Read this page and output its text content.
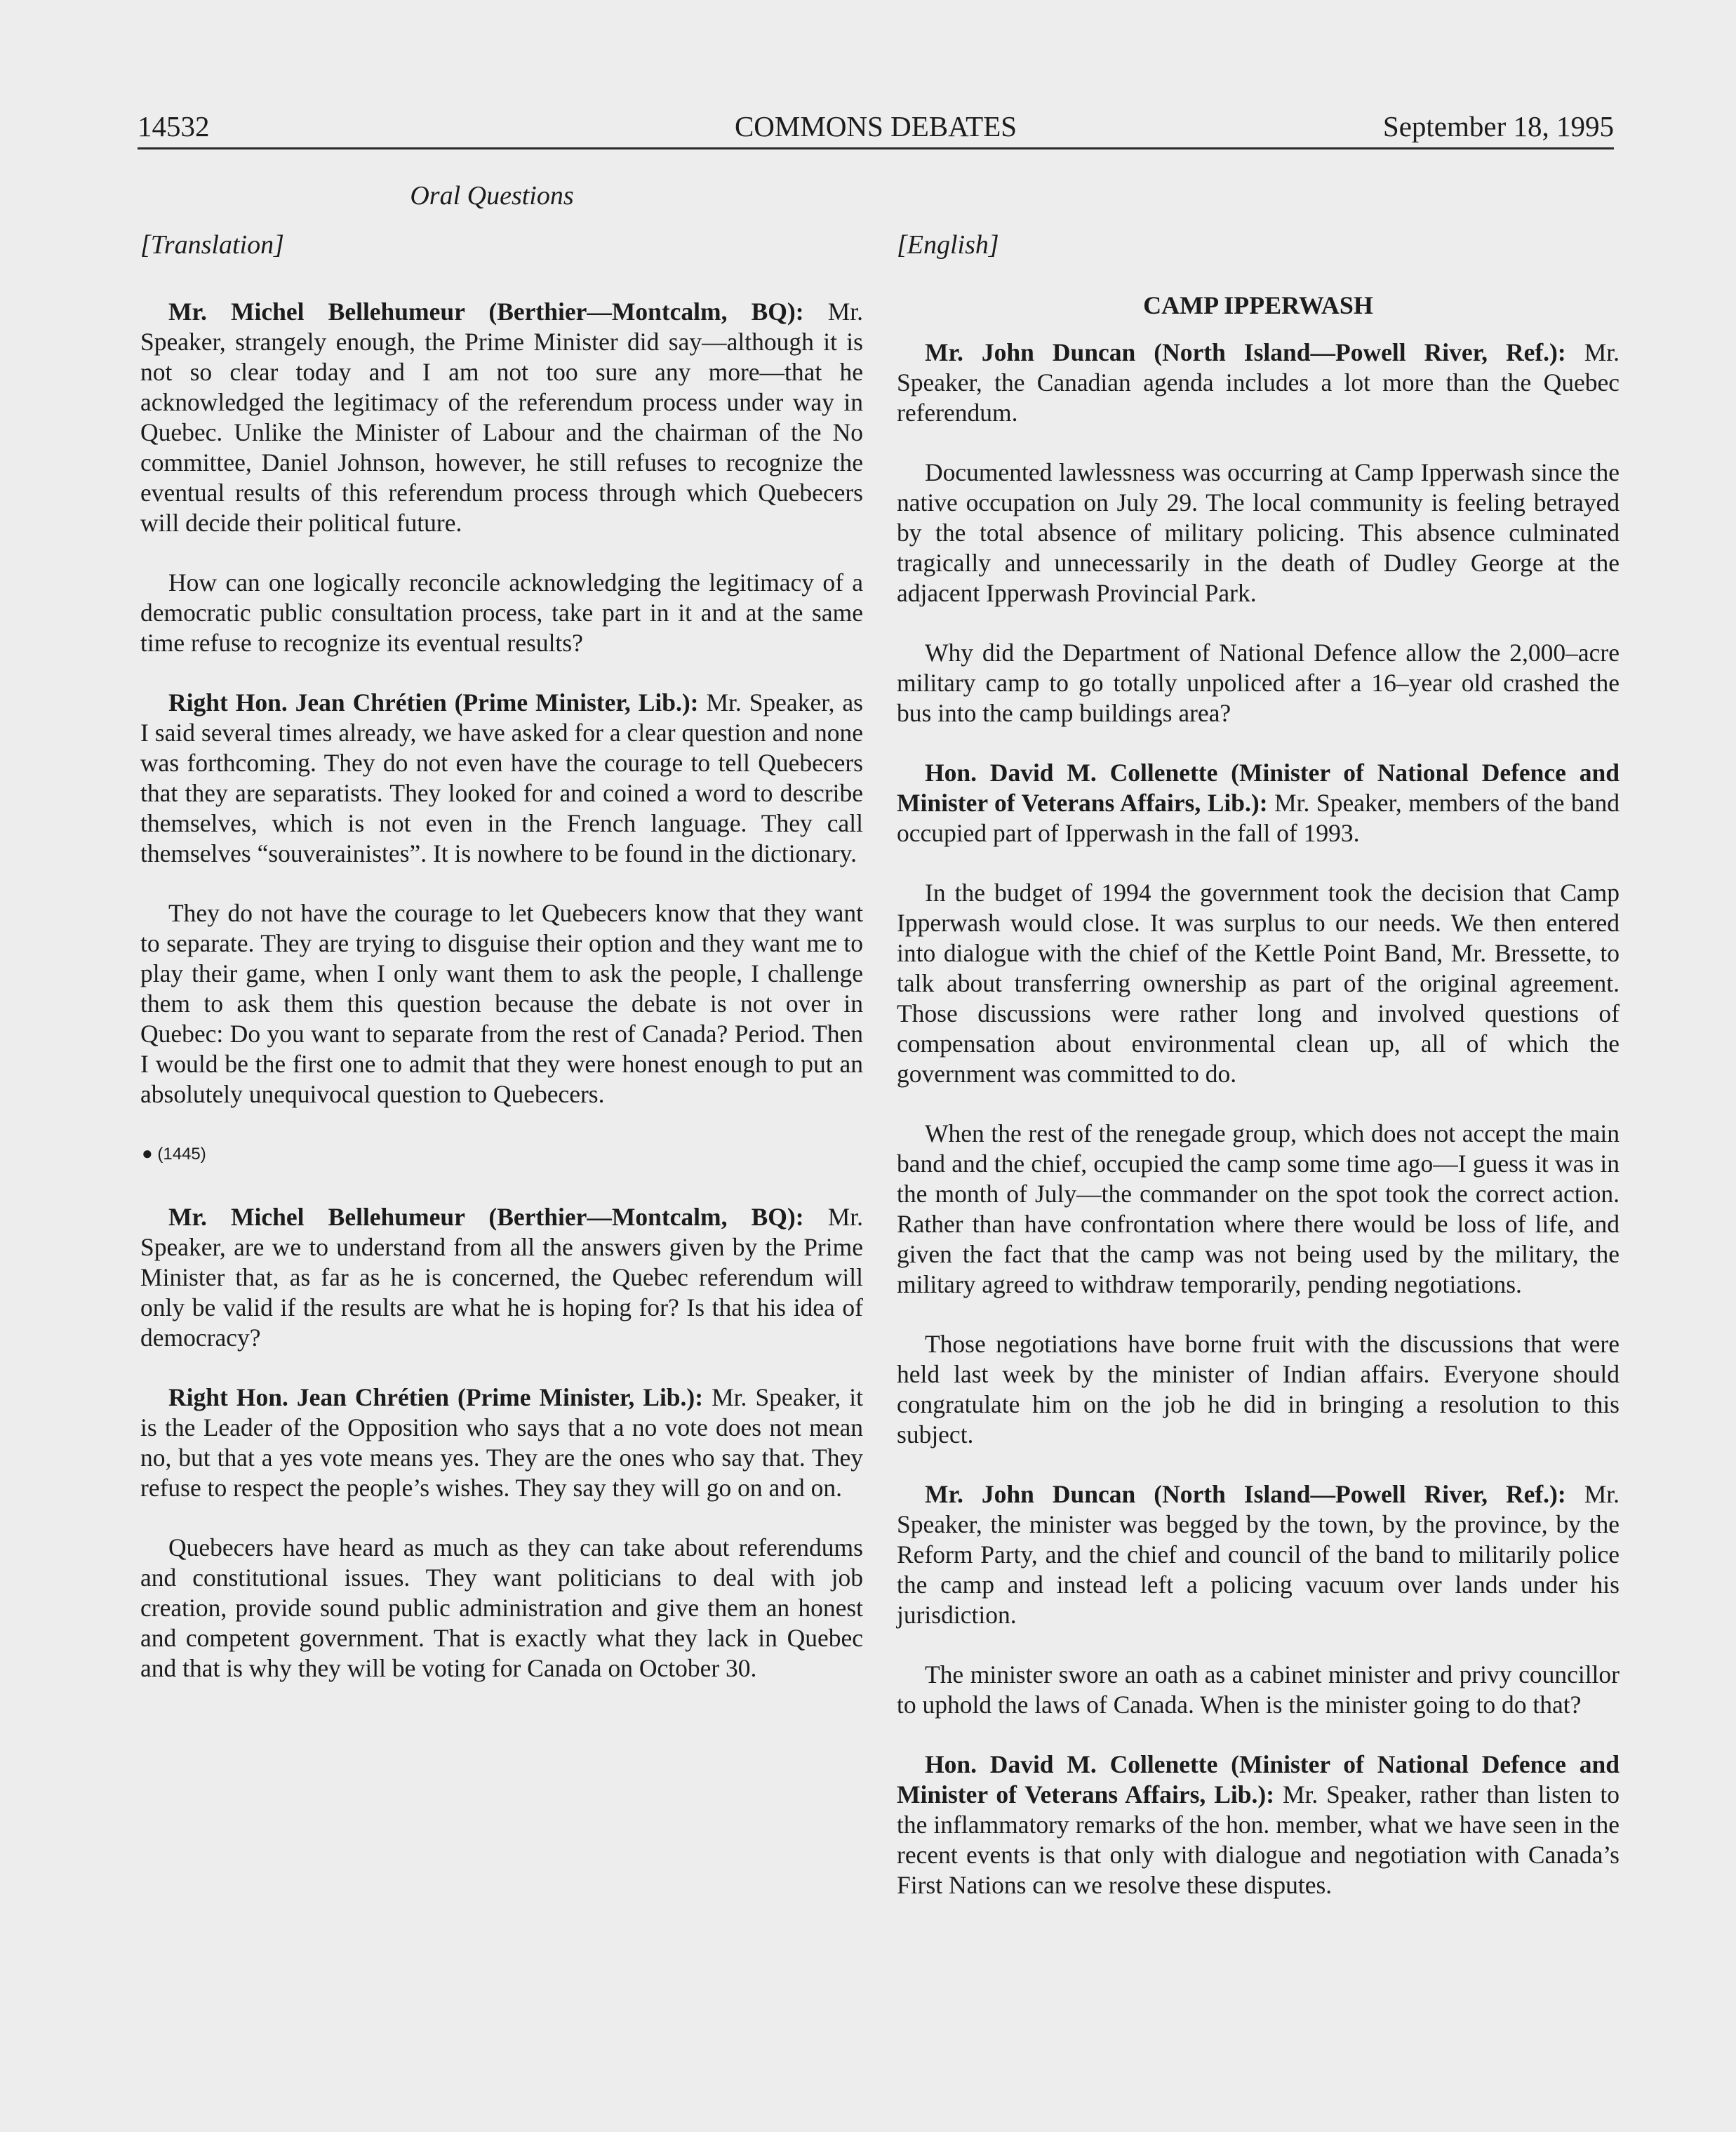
14532	COMMONS DEBATES	September 18, 1995
Oral Questions
[Translation]

Mr. Michel Bellehumeur (Berthier—Montcalm, BQ): Mr. Speaker, strangely enough, the Prime Minister did say—although it is not so clear today and I am not too sure any more—that he acknowledged the legitimacy of the referendum process under way in Quebec. Unlike the Minister of Labour and the chairman of the No committee, Daniel Johnson, however, he still refuses to recognize the eventual results of this referendum process through which Quebecers will decide their political future.

How can one logically reconcile acknowledging the legitimacy of a democratic public consultation process, take part in it and at the same time refuse to recognize its eventual results?

Right Hon. Jean Chrétien (Prime Minister, Lib.): Mr. Speaker, as I said several times already, we have asked for a clear question and none was forthcoming. They do not even have the courage to tell Quebecers that they are separatists. They looked for and coined a word to describe themselves, which is not even in the French language. They call themselves “souverainistes”. It is nowhere to be found in the dictionary.

They do not have the courage to let Quebecers know that they want to separate. They are trying to disguise their option and they want me to play their game, when I only want them to ask the people, I challenge them to ask them this question because the debate is not over in Quebec: Do you want to separate from the rest of Canada? Period. Then I would be the first one to admit that they were honest enough to put an absolutely unequivocal question to Quebecers.

● (1445)

Mr. Michel Bellehumeur (Berthier—Montcalm, BQ): Mr. Speaker, are we to understand from all the answers given by the Prime Minister that, as far as he is concerned, the Quebec referendum will only be valid if the results are what he is hoping for? Is that his idea of democracy?

Right Hon. Jean Chrétien (Prime Minister, Lib.): Mr. Speaker, it is the Leader of the Opposition who says that a no vote does not mean no, but that a yes vote means yes. They are the ones who say that. They refuse to respect the people’s wishes. They say they will go on and on.

Quebecers have heard as much as they can take about referendums and constitutional issues. They want politicians to deal with job creation, provide sound public administration and give them an honest and competent government. That is exactly what they lack in Quebec and that is why they will be voting for Canada on October 30.

[English]
CAMP IPPERWASH

Mr. John Duncan (North Island—Powell River, Ref.): Mr. Speaker, the Canadian agenda includes a lot more than the Quebec referendum.

Documented lawlessness was occurring at Camp Ipperwash since the native occupation on July 29. The local community is feeling betrayed by the total absence of military policing. This absence culminated tragically and unnecessarily in the death of Dudley George at the adjacent Ipperwash Provincial Park.

Why did the Department of National Defence allow the 2,000–acre military camp to go totally unpoliced after a 16–year old crashed the bus into the camp buildings area?

Hon. David M. Collenette (Minister of National Defence and Minister of Veterans Affairs, Lib.): Mr. Speaker, members of the band occupied part of Ipperwash in the fall of 1993.

In the budget of 1994 the government took the decision that Camp Ipperwash would close. It was surplus to our needs. We then entered into dialogue with the chief of the Kettle Point Band, Mr. Bressette, to talk about transferring ownership as part of the original agreement. Those discussions were rather long and involved questions of compensation about environmental clean up, all of which the government was committed to do.

When the rest of the renegade group, which does not accept the main band and the chief, occupied the camp some time ago—I guess it was in the month of July—the commander on the spot took the correct action. Rather than have confrontation where there would be loss of life, and given the fact that the camp was not being used by the military, the military agreed to withdraw temporarily, pending negotiations.

Those negotiations have borne fruit with the discussions that were held last week by the minister of Indian affairs. Everyone should congratulate him on the job he did in bringing a resolution to this subject.

Mr. John Duncan (North Island—Powell River, Ref.): Mr. Speaker, the minister was begged by the town, by the province, by the Reform Party, and the chief and council of the band to militarily police the camp and instead left a policing vacuum over lands under his jurisdiction.

The minister swore an oath as a cabinet minister and privy councillor to uphold the laws of Canada. When is the minister going to do that?

Hon. David M. Collenette (Minister of National Defence and Minister of Veterans Affairs, Lib.): Mr. Speaker, rather than listen to the inflammatory remarks of the hon. member, what we have seen in the recent events is that only with dialogue and negotiation with Canada’s First Nations can we resolve these disputes.
